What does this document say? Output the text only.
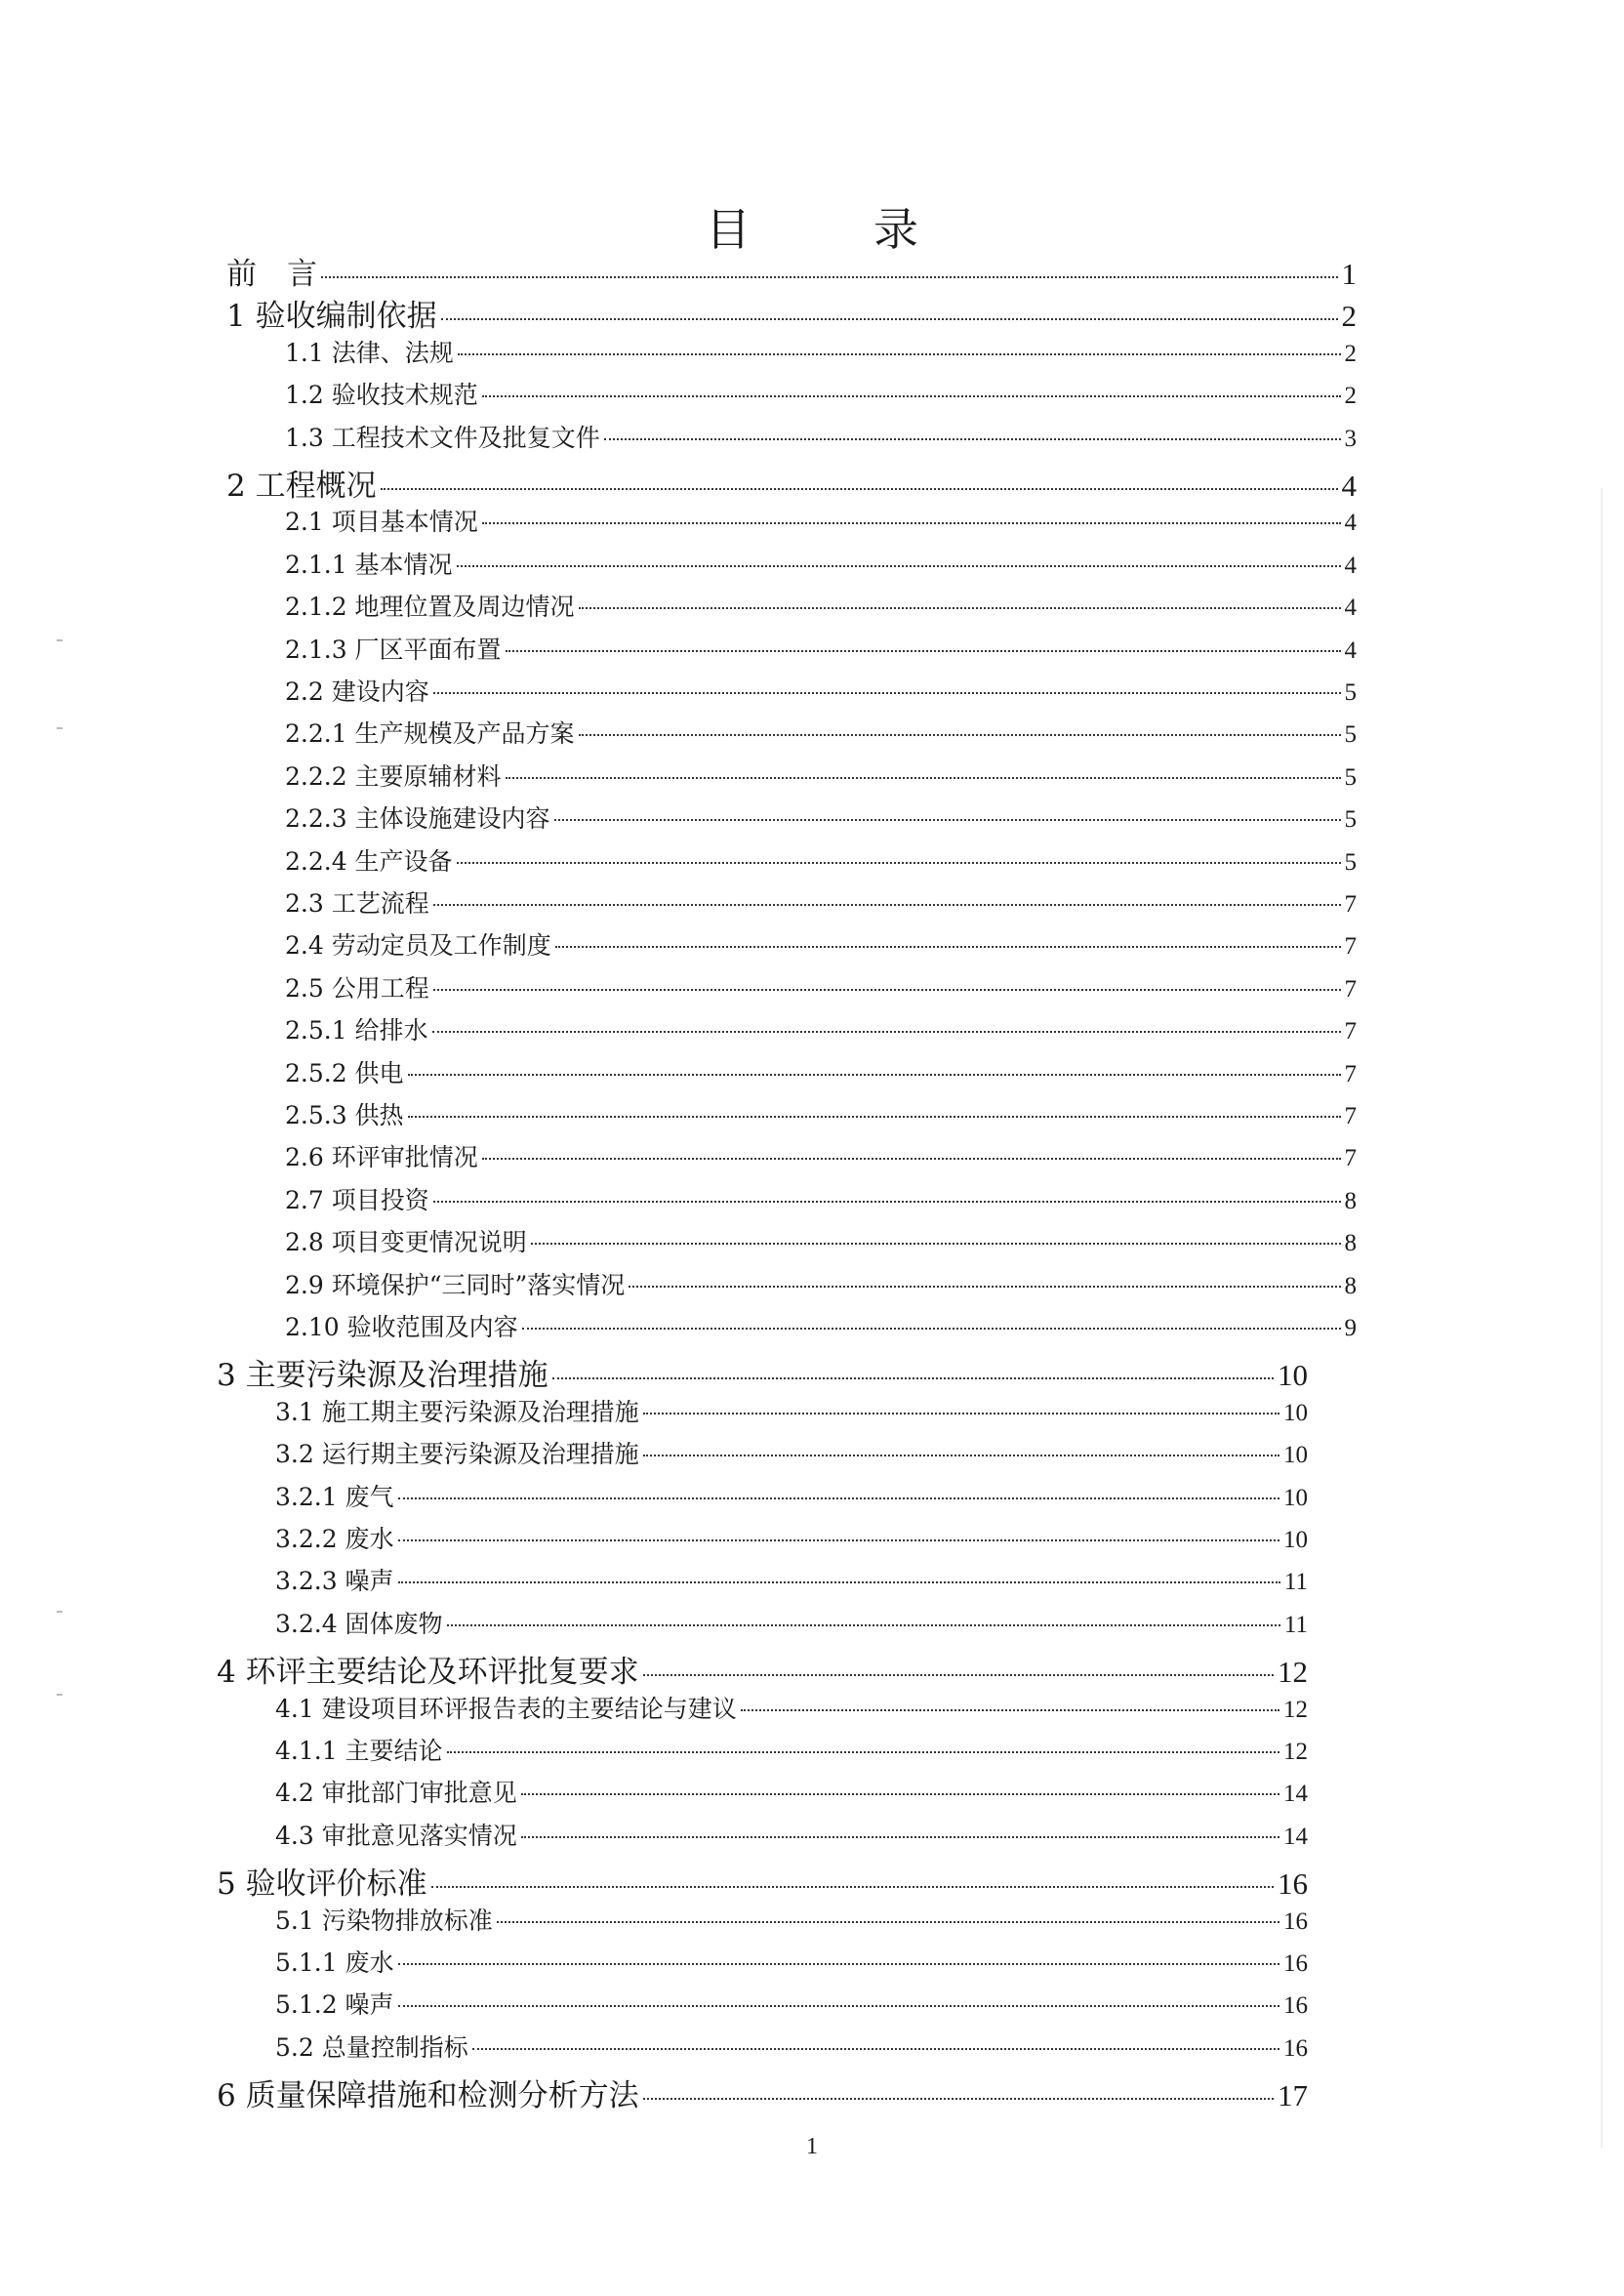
目　录
前　言	1
1 验收编制依据	2
1.1 法律、法规	2
1.2 验收技术规范	2
1.3 工程技术文件及批复文件	3
2 工程概况	4
2.1 项目基本情况	4
2.1.1 基本情况	4
2.1.2 地理位置及周边情况	4
2.1.3 厂区平面布置	4
2.2 建设内容	5
2.2.1 生产规模及产品方案	5
2.2.2 主要原辅材料	5
2.2.3 主体设施建设内容	5
2.2.4 生产设备	5
2.3 工艺流程	7
2.4 劳动定员及工作制度	7
2.5 公用工程	7
2.5.1 给排水	7
2.5.2 供电	7
2.5.3 供热	7
2.6 环评审批情况	7
2.7 项目投资	8
2.8 项目变更情况说明	8
2.9 环境保护“三同时”落实情况	8
2.10 验收范围及内容	9
3 主要污染源及治理措施	10
3.1 施工期主要污染源及治理措施	10
3.2 运行期主要污染源及治理措施	10
3.2.1 废气	10
3.2.2 废水	10
3.2.3 噪声	11
3.2.4 固体废物	11
4 环评主要结论及环评批复要求	12
4.1 建设项目环评报告表的主要结论与建议	12
4.1.1 主要结论	12
4.2 审批部门审批意见	14
4.3 审批意见落实情况	14
5 验收评价标准	16
5.1 污染物排放标准	16
5.1.1 废水	16
5.1.2 噪声	16
5.2 总量控制指标	16
6 质量保障措施和检测分析方法	17
1
